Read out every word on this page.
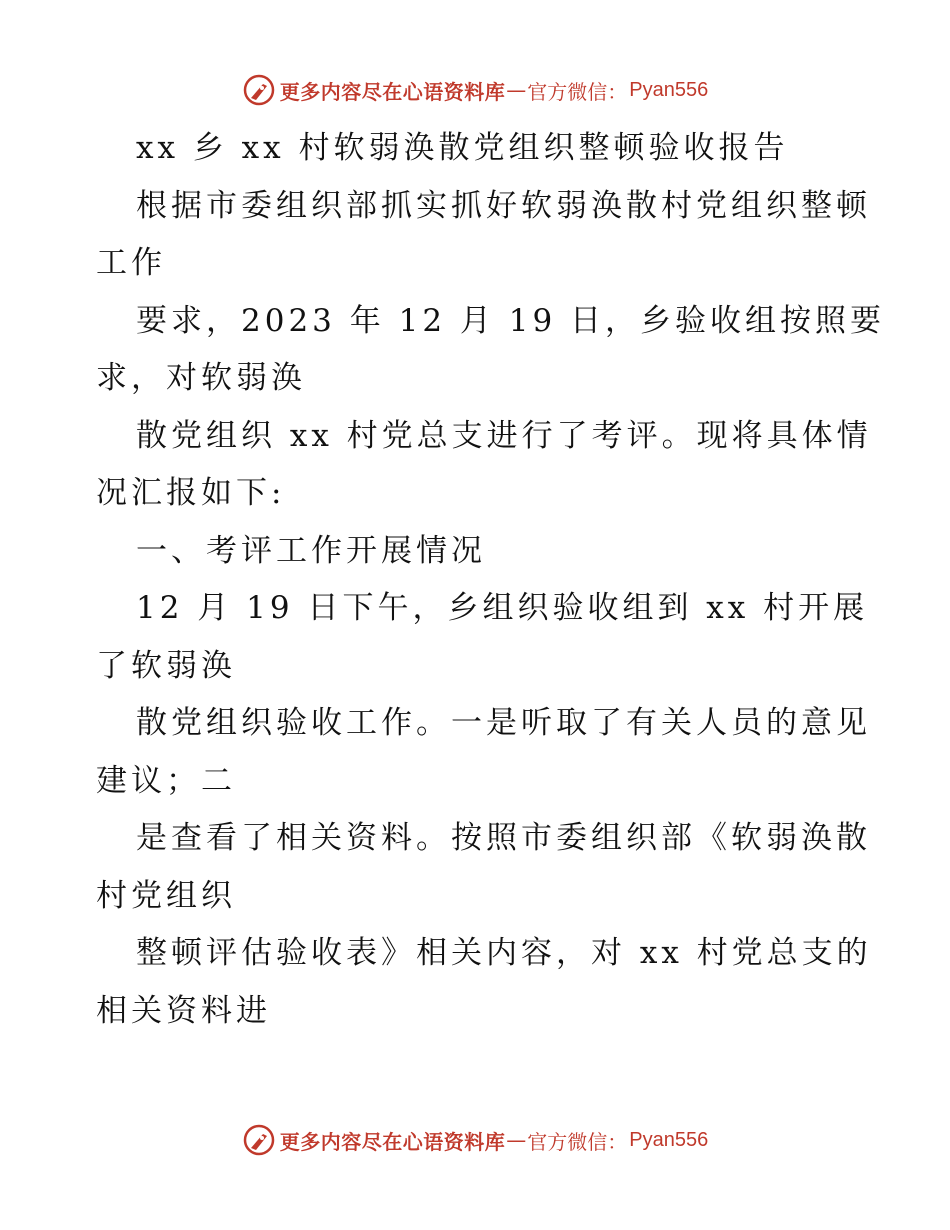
更多内容尽在心语资料库 — 官方微信： Pyan556
xx 乡 xx 村软弱涣散党组织整顿验收报告
根据市委组织部抓实抓好软弱涣散村党组织整顿
工作
要求，2023 年 12 月 19 日，乡验收组按照要
求，对软弱涣
散党组织 xx 村党总支进行了考评。现将具体情
况汇报如下:
一、考评工作开展情况
12 月 19 日下午，乡组织验收组到 xx 村开展
了软弱涣
散党组织验收工作。一是听取了有关人员的意见
建议；二
是查看了相关资料。按照市委组织部《软弱涣散
村党组织
整顿评估验收表》相关内容，对 xx 村党总支的
相关资料进
更多内容尽在心语资料库 — 官方微信： Pyan556
